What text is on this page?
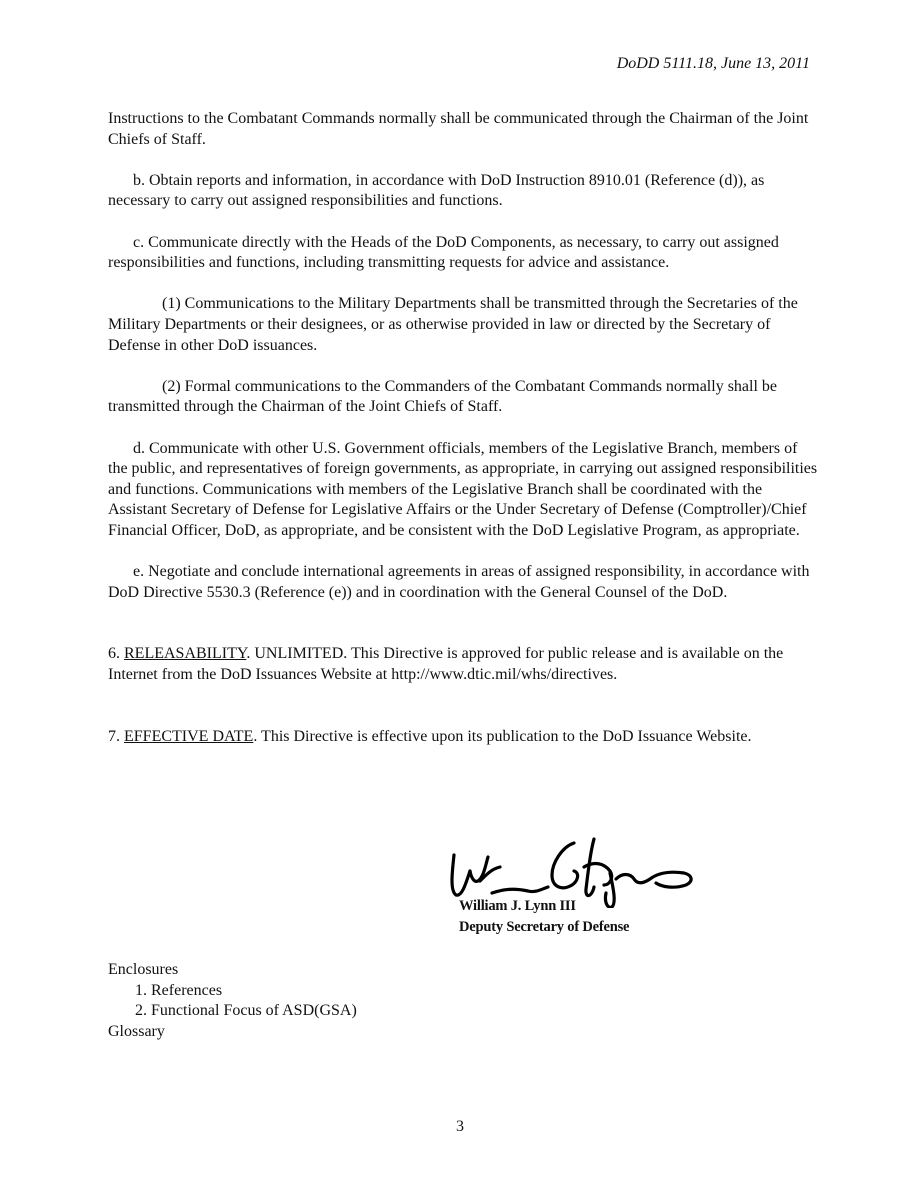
DoDD 5111.18, June 13, 2011

Instructions to the Combatant Commands normally shall be communicated through the Chairman of the Joint Chiefs of Staff.

b. Obtain reports and information, in accordance with DoD Instruction 8910.01 (Reference (d)), as necessary to carry out assigned responsibilities and functions.

c. Communicate directly with the Heads of the DoD Components, as necessary, to carry out assigned responsibilities and functions, including transmitting requests for advice and assistance.

(1) Communications to the Military Departments shall be transmitted through the Secretaries of the Military Departments or their designees, or as otherwise provided in law or directed by the Secretary of Defense in other DoD issuances.

(2) Formal communications to the Commanders of the Combatant Commands normally shall be transmitted through the Chairman of the Joint Chiefs of Staff.

d. Communicate with other U.S. Government officials, members of the Legislative Branch, members of the public, and representatives of foreign governments, as appropriate, in carrying out assigned responsibilities and functions. Communications with members of the Legislative Branch shall be coordinated with the Assistant Secretary of Defense for Legislative Affairs or the Under Secretary of Defense (Comptroller)/Chief Financial Officer, DoD, as appropriate, and be consistent with the DoD Legislative Program, as appropriate.

e. Negotiate and conclude international agreements in areas of assigned responsibility, in accordance with DoD Directive 5530.3 (Reference (e)) and in coordination with the General Counsel of the DoD.

6. RELEASABILITY. UNLIMITED. This Directive is approved for public release and is available on the Internet from the DoD Issuances Website at http://www.dtic.mil/whs/directives.

7. EFFECTIVE DATE. This Directive is effective upon its publication to the DoD Issuance Website.

William J. Lynn III
Deputy Secretary of Defense
Enclosures
1. References
2. Functional Focus of ASD(GSA)
Glossary
3
